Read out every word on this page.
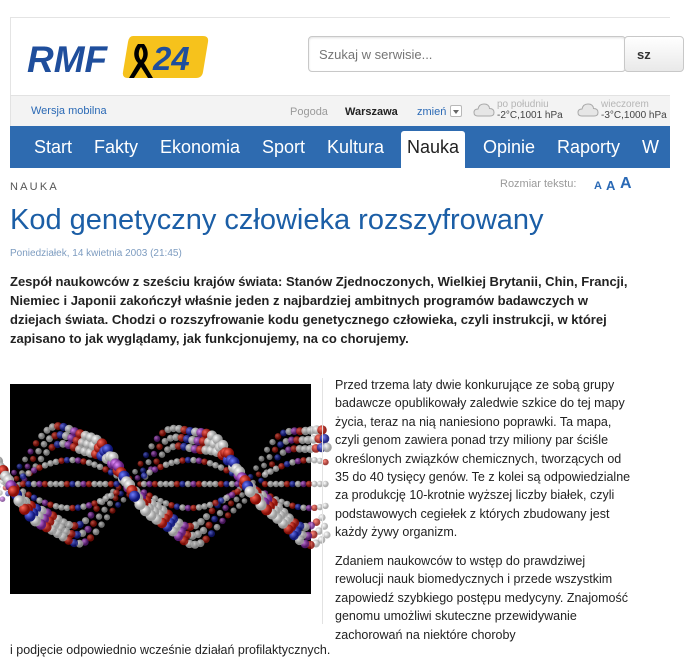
RMF 24
Szukaj w serwisie...	sz
Wersja mobilna	Pogoda Warszawa zmień
po południu
-2°C,1001 hPa
wieczorem
-3°C,1000 hPa
Start Fakty Ekonomia Sport Kultura	Nauka	Opinie Raporty W
NAUKA	Rozmiar tekstu: A A A
Kod genetyczny człowieka rozszyfrowany
Poniedziałek, 14 kwietnia 2003 (21:45)

Zespół naukowców z sześciu krajów świata: Stanów Zjednoczonych, Wielkiej Brytanii, Chin, Francji, Niemiec i Japonii zakończył właśnie jeden z najbardziej ambitnych programów badawczych w dziejach świata. Chodzi o rozszyfrowanie kodu genetycznego człowieka, czyli instrukcji, w której zapisano to jak wyglądamy, jak funkcjonujemy, na co chorujemy.

Przed trzema laty dwie konkurujące ze sobą grupy badawcze opublikowały zaledwie szkice do tej mapy życia, teraz na nią naniesiono poprawki. Ta mapa, czyli genom zawiera ponad trzy miliony par ściśle określonych związków chemicznych, tworzących od 35 do 40 tysięcy genów. Te z kolei są odpowiedzialne za produkcję 10-krotnie wyższej liczby białek, czyli podstawowych cegiełek z których zbudowany jest każdy żywy organizm.

Zdaniem naukowców to wstęp do prawdziwej rewolucji nauk biomedycznych i przede wszystkim zapowiedź szybkiego postępu medycyny. Znajomość genomu umożliwi skuteczne przewidywanie zachorowań na niektóre choroby

i podjęcie odpowiednio wcześnie działań profilaktycznych.
